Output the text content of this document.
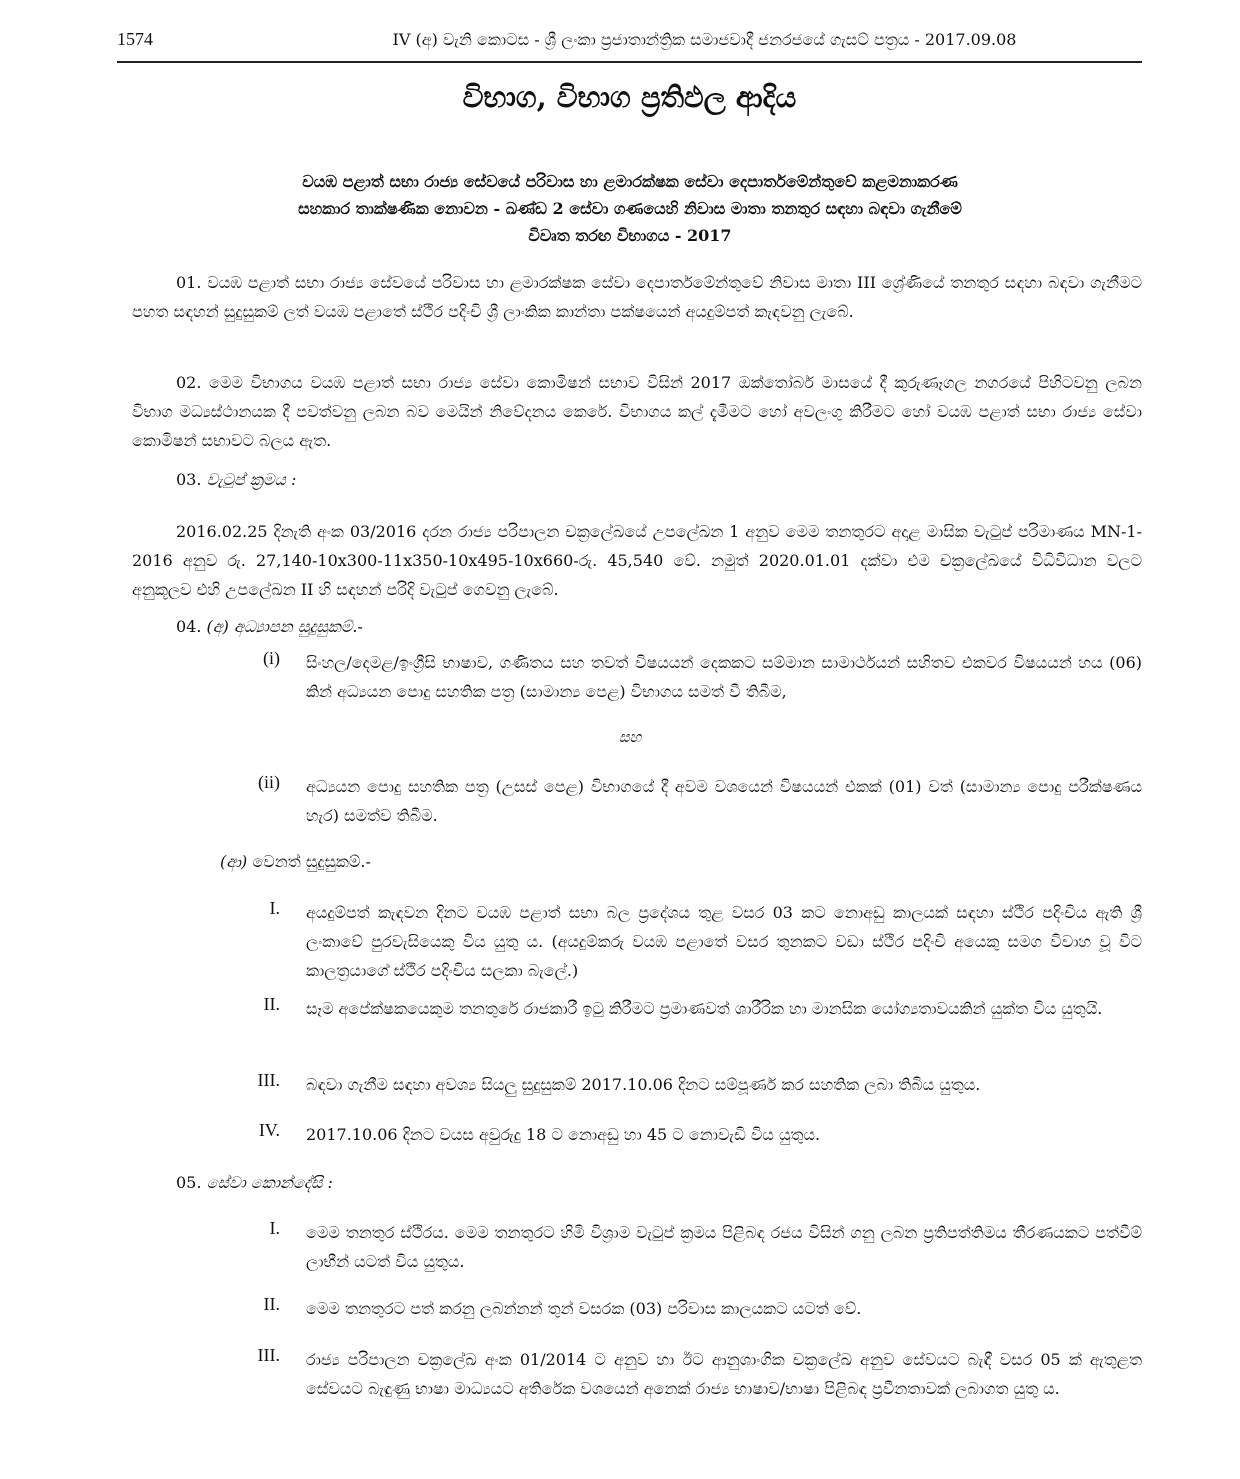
1574	IV (අ) වැනි කොටස - ශ්‍රී ලංකා ප්‍රජාතාන්ත්‍රික සමාජවාදී ජනරජයේ ගැසට් පත්‍රය - 2017.09.08
විභාග, විභාග ප්‍රතිඵල ආදිය
වයඹ පළාත් සභා රාජ්‍ය සේවයේ පරිවාස හා ළමාරක්ෂක සේවා දෙපාර්තමේන්තුවේ කළමනාකරණ
සහකාර තාක්ෂණික නොවන - ඛණ්ඩ 2 සේවා ගණයෙහි නිවාස මාතා තනතුර සඳහා බඳවා ගැනීමේ
විවෘත තරඟ විභාගය - 2017
01. වයඹ පළාත් සභා රාජ්‍ය සේවයේ පරිවාස හා ළමාරක්ෂක සේවා දෙපාර්තමේන්තුවේ නිවාස මාතා III ශ්‍රේණියේ තනතුර සඳහා බඳවා ගැනීමට පහත සඳහන් සුදුසුකම් ලත් වයඹ පළාතේ ස්ථිර පදිංචි ශ්‍රී ලාංකික කාන්තා පක්ෂයෙන් අයදුම්පත් කැඳවනු ලැබේ.
02. මෙම විභාගය වයඹ පළාත් සභා රාජ්‍ය සේවා කොමිෂන් සභාව විසින් 2017 ඔක්තෝබර් මාසයේ දී කුරුණෑගල නගරයේ පිහිටවනු ලබන විභාග මධ්‍යස්ථානයක දී පවත්වනු ලබන බව මෙයින් නිවේදනය කෙරේ. විභාගය කල් දැමීමට හෝ අවලංගු කිරීමට හෝ වයඹ පළාත් සභා රාජ්‍ය සේවා කොමිෂන් සභාවට බලය ඇත.
03. වැටුප් ක්‍රමය :
2016.02.25 දිනැති අංක 03/2016 දරන රාජ්‍ය පරිපාලන චක්‍රලේඛයේ උපලේඛන 1 අනුව මෙම තනතුරට අදාළ මාසික වැටුප් පරිමාණය MN-1-2016 අනුව රු. 27,140-10x300-11x350-10x495-10x660-රු. 45,540 වේ. නමුත් 2020.01.01 දක්වා එම චක්‍රලේඛයේ විධිවිධාන වලට අනුකූලව එහි උපලේඛන II හි සඳහන් පරිදි වැටුප් ගෙවනු ලැබේ.
04. (අ) අධ්‍යාපන සුදුසුකම්.-
(i) සිංහල/දෙමළ/ඉංග්‍රීසි භාෂාව, ගණිතය සහ තවත් විෂයයන් දෙකකට සම්මාන සාමාර්ථයන් සහිතව එකවර විෂයයන් හය (06) කින් අධ්‍යයන පොදු සහතික පත්‍ර (සාමාන්‍ය පෙළ) විභාගය සමත් වී තිබීම,
සහ
(ii) අධ්‍යයන පොදු සහතික පත්‍ර (උසස් පෙළ) විභාගයේ දී අවම වශයෙන් විෂයයන් එකක් (01) වත් (සාමාන්‍ය පොදු පරීක්ෂණය හැර) සමත්ව තිබීම.
(ආ) වෙනත් සුදුසුකම්.-
I. අයදුම්පත් කැඳවන දිනට වයඹ පළාත් සභා බල ප්‍රදේශය තුළ වසර 03 කට නොඅඩු කාලයක් සඳහා ස්ථිර පදිංචිය ඇති ශ්‍රී ලංකාවේ පුරවැසියෙකු විය යුතු ය. (අයදුම්කරු වයඹ පළාතේ වසර තුනකට වඩා ස්ථිර පදිංචි අයෙකු සමග විවාහ වූ විට කාලත්‍රයාගේ ස්ථිර පදිංචිය සලකා බැලේ.)
II. සෑම අපේක්ෂකයෙකුම තනතුරේ රාජකාරී ඉටු කිරීමට ප්‍රමාණවත් ශාරීරික හා මානසික යෝග්‍යතාවයකින් යුක්ත විය යුතුයි.
III. බඳවා ගැනීම සඳහා අවශ්‍ය සියලු සුදුසුකම් 2017.10.06 දිනට සම්පූර්ණ කර සහතික ලබා තිබිය යුතුය.
IV. 2017.10.06 දිනට වයස අවුරුදු 18 ට නොඅඩු හා 45 ට නොවැඩි විය යුතුය.
05. සේවා කොන්දේසි :
I. මෙම තනතුර ස්ථිරය. මෙම තනතුරට හිමි විශ්‍රාම වැටුප් ක්‍රමය පිළිබඳ රජය විසින් ගනු ලබන ප්‍රතිපත්තිමය තීරණයකට පත්වීම් ලාභීන් යටත් විය යුතුය.
II. මෙම තනතුරට පත් කරනු ලබන්නන් තුන් වසරක (03) පරිවාස කාලයකට යටත් වේ.
III. රාජ්‍ය පරිපාලන චක්‍රලේඛ අංක 01/2014 ට අනුව හා ඊට ආනුශාංගික චක්‍රලේඛ අනුව සේවයට බැඳී වසර 05 ක් ඇතුළත සේවයට බැඳුණු භාෂා මාධ්‍යයට අතිරේක වශයෙන් අනෙක් රාජ්‍ය භාෂාව/භාෂා පිළිබඳ ප්‍රවීනතාවක් ලබාගත යුතු ය.
